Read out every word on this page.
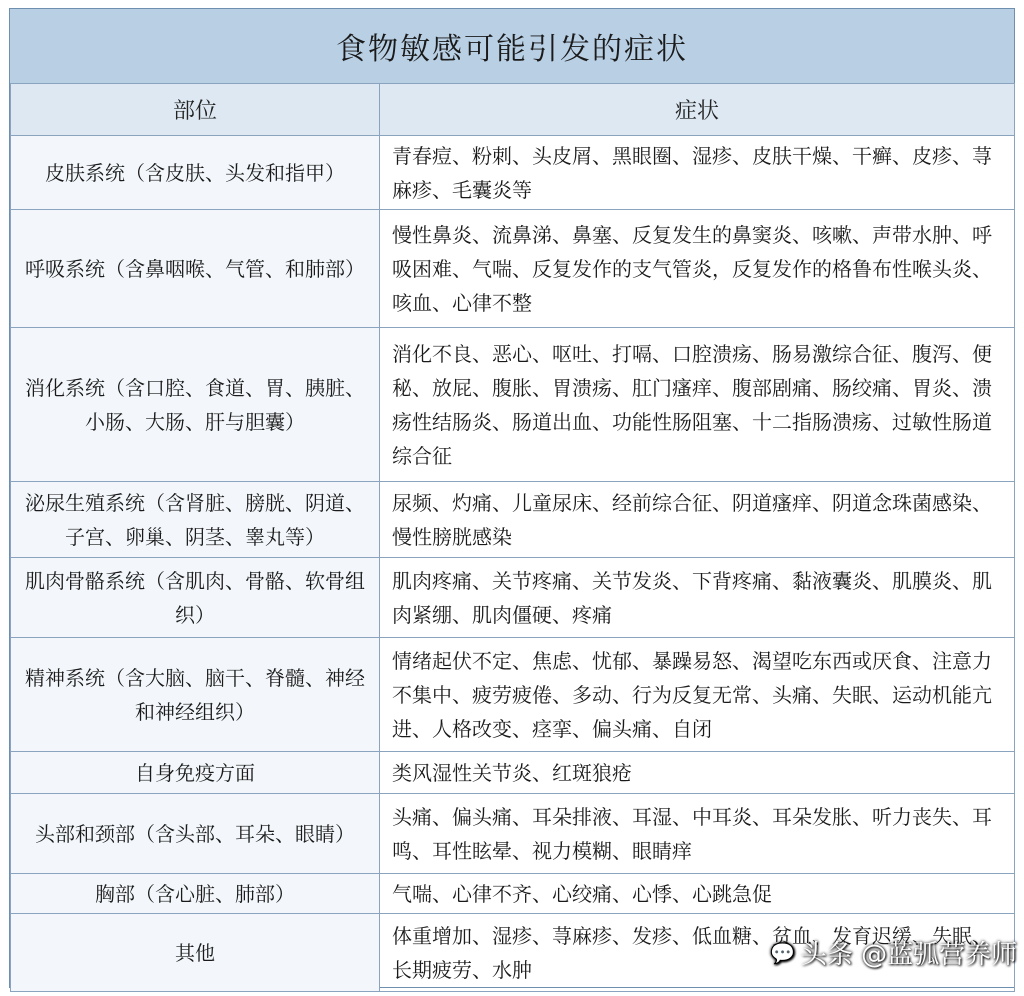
食物敏感可能引发的症状
部位	症状
皮肤系统（含皮肤、头发和指甲）	青春痘、粉刺、头皮屑、黑眼圈、湿疹、皮肤干燥、干癣、皮疹、荨麻疹、毛囊炎等
呼吸系统（含鼻咽喉、气管、和肺部）	慢性鼻炎、流鼻涕、鼻塞、反复发生的鼻窦炎、咳嗽、声带水肿、呼吸困难、气喘、反复发作的支气管炎，反复发作的格鲁布性喉头炎、咳血、心律不整
消化系统（含口腔、食道、胃、胰脏、小肠、大肠、肝与胆囊）	消化不良、恶心、呕吐、打嗝、口腔溃疡、肠易激综合征、腹泻、便秘、放屁、腹胀、胃溃疡、肛门瘙痒、腹部剧痛、肠绞痛、胃炎、溃疡性结肠炎、肠道出血、功能性肠阻塞、十二指肠溃疡、过敏性肠道综合征
泌尿生殖系统（含肾脏、膀胱、阴道、子宫、卵巢、阴茎、睾丸等）	尿频、灼痛、儿童尿床、经前综合征、阴道瘙痒、阴道念珠菌感染、慢性膀胱感染
肌肉骨骼系统（含肌肉、骨骼、软骨组织）	肌肉疼痛、关节疼痛、关节发炎、下背疼痛、黏液囊炎、肌膜炎、肌肉紧绷、肌肉僵硬、疼痛
精神系统（含大脑、脑干、脊髓、神经和神经组织）	情绪起伏不定、焦虑、忧郁、暴躁易怒、渴望吃东西或厌食、注意力不集中、疲劳疲倦、多动、行为反复无常、头痛、失眠、运动机能亢进、人格改变、痉挛、偏头痛、自闭
自身免疫方面	类风湿性关节炎、红斑狼疮
头部和颈部（含头部、耳朵、眼睛）	头痛、偏头痛、耳朵排液、耳湿、中耳炎、耳朵发胀、听力丧失、耳鸣、耳性眩晕、视力模糊、眼睛痒
胸部（含心脏、肺部）	气喘、心律不齐、心绞痛、心悸、心跳急促
其他	体重增加、湿疹、荨麻疹、发疹、低血糖、贫血、发育迟缓、失眠、长期疲劳、水肿
💬 头条 @蓝弧营养师
